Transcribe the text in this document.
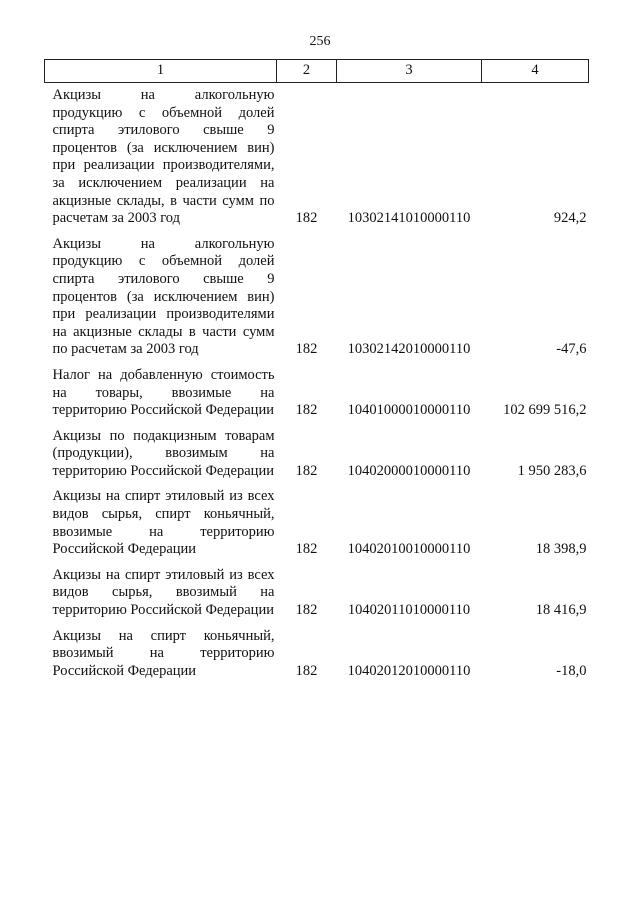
256
1	2	3	4
Акцизы на алкогольную продукцию с объемной долей спирта этилового свыше 9 процентов (за исключением вин) при реализации производителями, за исключением реализации на акцизные склады, в части сумм по расчетам за 2003 год	182	10302141010000110	924,2
Акцизы на алкогольную продукцию с объемной долей спирта этилового свыше 9 процентов (за исключением вин) при реализации производителями на акцизные склады в части сумм по расчетам за 2003 год	182	10302142010000110	-47,6
Налог на добавленную стоимость на товары, ввозимые на территорию Российской Федерации	182	10401000010000110	102 699 516,2
Акцизы по подакцизным товарам (продукции), ввозимым на территорию Российской Федерации	182	10402000010000110	1 950 283,6
Акцизы на спирт этиловый из всех видов сырья, спирт коньячный, ввозимые на территорию Российской Федерации	182	10402010010000110	18 398,9
Акцизы на спирт этиловый из всех видов сырья, ввозимый на территорию Российской Федерации	182	10402011010000110	18 416,9
Акцизы на спирт коньячный, ввозимый на территорию Российской Федерации	182	10402012010000110	-18,0
